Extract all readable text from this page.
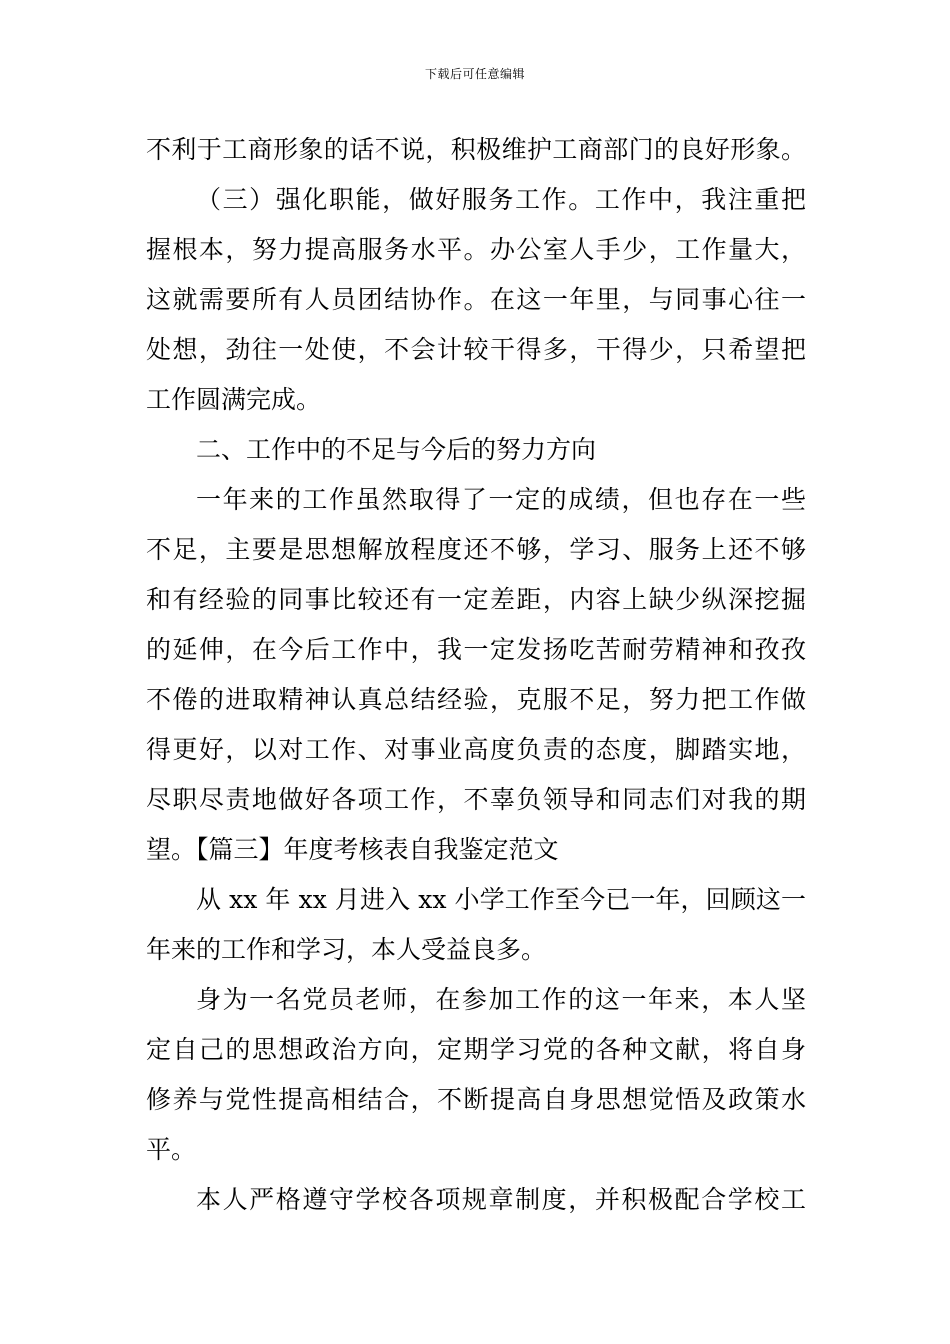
下载后可任意编辑
不利于工商形象的话不说，积极维护工商部门的良好形象。
（三）强化职能，做好服务工作。工作中，我注重把
握根本，努力提高服务水平。办公室人手少，工作量大，
这就需要所有人员团结协作。在这一年里，与同事心往一
处想，劲往一处使，不会计较干得多，干得少，只希望把
工作圆满完成。
二、工作中的不足与今后的努力方向
一年来的工作虽然取得了一定的成绩，但也存在一些
不足，主要是思想解放程度还不够，学习、服务上还不够
和有经验的同事比较还有一定差距，内容上缺少纵深挖掘
的延伸，在今后工作中，我一定发扬吃苦耐劳精神和孜孜
不倦的进取精神认真总结经验，克服不足，努力把工作做
得更好，以对工作、对事业高度负责的态度，脚踏实地，
尽职尽责地做好各项工作，不辜负领导和同志们对我的期
望。【篇三】年度考核表自我鉴定范文
从 xx 年 xx 月进入 xx 小学工作至今已一年，回顾这一
年来的工作和学习，本人受益良多。
身为一名党员老师，在参加工作的这一年来，本人坚
定自己的思想政治方向，定期学习党的各种文献，将自身
修养与党性提高相结合，不断提高自身思想觉悟及政策水
平。
本人严格遵守学校各项规章制度，并积极配合学校工
